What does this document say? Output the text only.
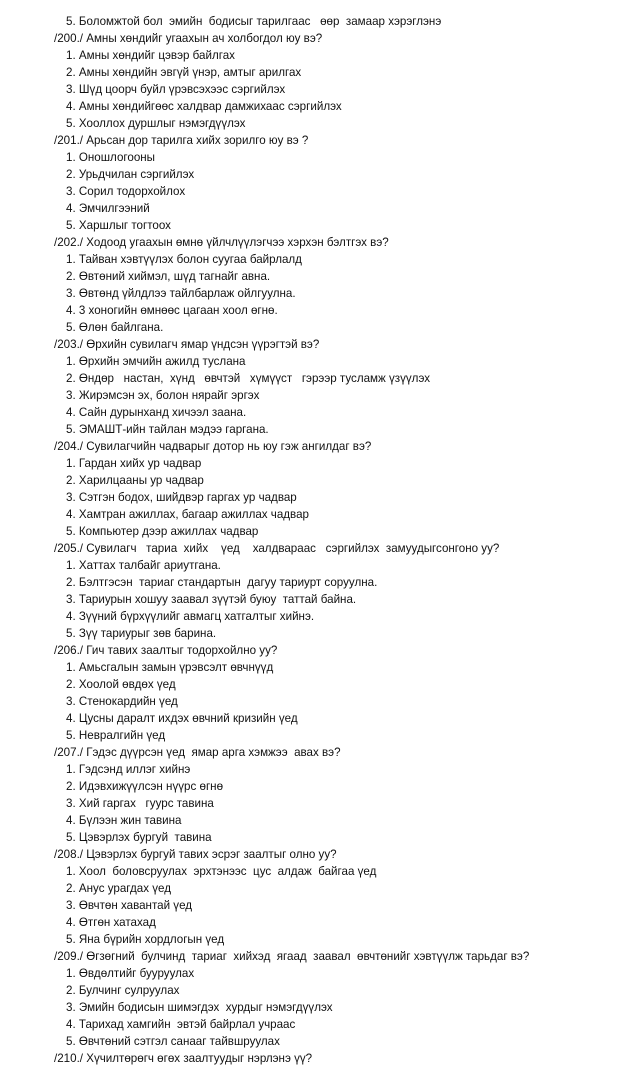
5. Боломжтой бол  эмийн  бодисыг тарилгаас   өөр  замаар хэрэглэнэ
/200./ Амны хөндийг угаахын ач холбогдол юу вэ?
1. Амны хөндийг цэвэр байлгах
2. Амны хөндийн эвгүй үнэр, амтыг арилгах
3. Шүд цоорч буйл үрэвсэхээс сэргийлэх
4. Амны хөндийгөөс халдвар дамжихаас сэргийлэх
5. Хооллох дуршлыг нэмэгдүүлэх
/201./ Арьсан дор тарилга хийх зорилго юу вэ ?
1. Оношлогооны
2. Урьдчилан сэргийлэх
3. Сорил тодорхойлох
4. Эмчилгээний
5. Харшлыг тогтоох
/202./ Ходоод угаахын өмнө үйлчлүүлэгчээ хэрхэн бэлтгэх вэ?
1. Тайван хэвтүүлэх болон суугаа байрлалд
2. Өвтөний хиймэл, шүд тагнайг авна.
3. Өвтөнд үйлдлээ тайлбарлаж ойлгуулна.
4. 3 хоногийн өмнөөс цагаан хоол өгнө.
5. Өлөн байлгана.
/203./ Өрхийн сувилагч ямар үндсэн үүрэгтэй вэ?
1. Өрхийн эмчийн ажилд туслана
2. Өндөр   настан,  хүнд   өвчтэй   хүмүүст   гэрээр тусламж үзүүлэх
3. Жирэмсэн эх, болон нярайг эргэх
4. Сайн дурынханд хичээл заана.
5. ЭМАШТ-ийн тайлан мэдээ гаргана.
/204./ Сувилагчийн чадварыг дотор нь юу гэж ангилдаг вэ?
1. Гардан хийх ур чадвар
2. Харилцааны ур чадвар
3. Сэтгэн бодох, шийдвэр гаргах ур чадвар
4. Хамтран ажиллах, багаар ажиллах чадвар
5. Компьютер дээр ажиллах чадвар
/205./ Сувилагч   тариа  хийх    үед    халдвараас   сэргийлэх  замуудыгсонгоно уу?
1. Хаттах талбайг ариутгана.
2. Бэлтгэсэн  тариаг стандартын  дагуу тариурт соруулна.
3. Тариурын хошуу заавал зүүтэй буюу  таттай байна.
4. Зүүний бүрхүүлийг авмагц хатгалтыг хийнэ.
5. Зүү тариурыг зөв барина.
/206./ Гич тавих заалтыг тодорхойлно уу?
1. Амьсгалын замын үрэвсэлт өвчнүүд
2. Хоолой өвдөх үед
3. Стенокардийн үед
4. Цусны даралт ихдэх өвчний кризийн үед
5. Невралгийн үед
/207./ Гэдэс дүүрсэн үед  ямар арга хэмжээ  авах вэ?
1. Гэдсэнд иллэг хийнэ
2. Идэвхижүүлсэн нүүрс өгнө
3. Хий гаргах   гуурс тавина
4. Бүлээн жин тавина
5. Цэвэрлэх бургуй  тавина
/208./ Цэвэрлэх бургуй тавих эсрэг заалтыг олно уу?
1. Хоол  боловсруулах  эрхтэнээс  цус  алдаж  байгаа үед
2. Анус урагдах үед
3. Өвчтөн хавантай үед
4. Өтгөн хатахад
5. Яна бүрийн хордлогын үед
/209./ Өгзөгний  булчинд  тариаг  хийхэд  ягаад  заавал  өвчтөнийг хэвтүүлж тарьдаг вэ?
1. Өвдөлтийг бууруулах
2. Булчинг сулруулах
3. Эмийн бодисын шимэгдэх  хурдыг нэмэгдүүлэх
4. Тарихад хамгийн  эвтэй байрлал учраас
5. Өвчтөний сэтгэл санааг тайвшруулах
/210./ Хүчилтөрөгч өгөх заалтуудыг нэрлэнэ үү?
